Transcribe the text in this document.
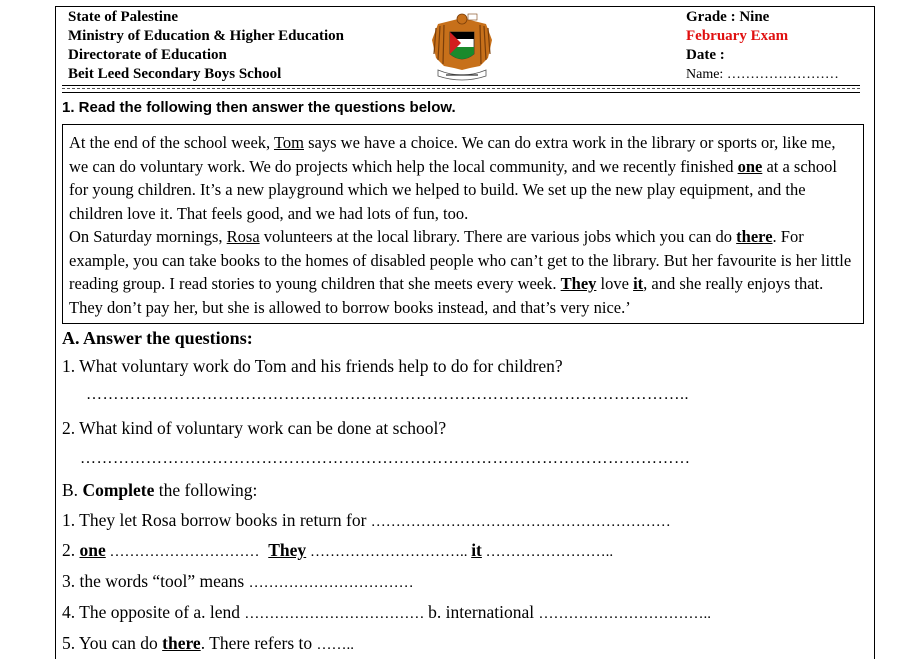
State of Palestine
Ministry of Education & Higher Education
Directorate of Education
Beit Leed Secondary Boys School
Grade : Nine
February Exam
Date :
Name: ……………………
1. Read the following then answer the questions below.
At the end of the school week, Tom says we have a choice. We can do extra work in the library or sports or, like me, we can do voluntary work. We do projects which help the local community, and we recently finished one at a school for young children. It’s a new playground which we helped to build. We set up the new play equipment, and the children love it. That feels good, and we had lots of fun, too.
On Saturday mornings, Rosa volunteers at the local library. There are various jobs which you can do there. For example, you can take books to the homes of disabled people who can’t get to the library. But her favourite is her little reading group. I read stories to young children that she meets every week. They love it, and she really enjoys that. They don’t pay her, but she is allowed to borrow books instead, and that’s very nice.’
A. Answer the questions:
1. What voluntary work do Tom and his friends help to do for children?
………………………………………………………………………………………………..
2. What kind of voluntary work can be done at school?
…………………………………………………………………………………………………
B. Complete the following:
1. They let Rosa borrow books in return for ……………………………………………………
2. one ………………………… They ………………………….. it ……………………..
3. the words “tool” means ……………………………
4. The opposite of a. lend ……………………………… b. international ……………………………..
5. You can do there. There refers to ……..
